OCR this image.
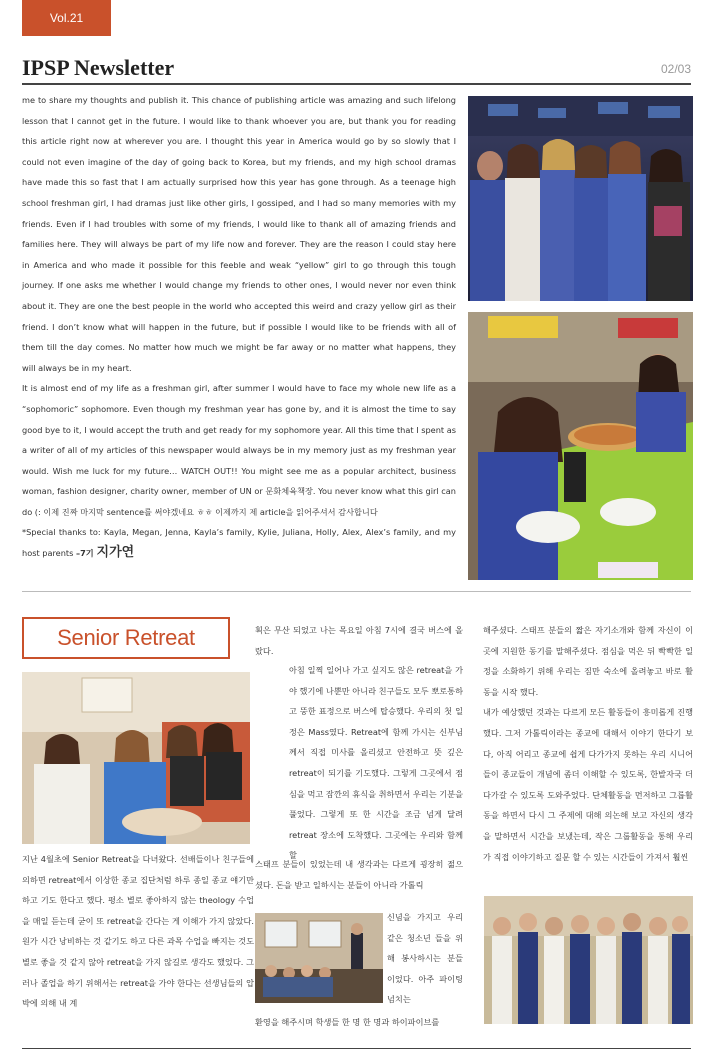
Vol.21
IPSP Newsletter	02/03

me to share my thoughts and publish it. This chance of publishing article was amazing and such lifelong lesson that I cannot get in the future. I would like to thank whoever you are, but thank you for reading this article right now at wherever you are. I thought this year in America would go by so slowly that I could not even imagine of the day of going back to Korea, but my friends, and my high school dramas have made this so fast that I am actually surprised how this year has gone through. As a teenage high school freshman girl, I had dramas just like other girls, I gossiped, and I had so many memories with my friends. Even if I had troubles with some of my friends, I would like to thank all of amazing friends and families here. They will always be part of my life now and forever. They are the reason I could stay here in America and who made it possible for this feeble and weak “yellow” girl to go through this tough journey. If one asks me whether I would change my friends to other ones, I would never nor even think about it. They are one the best people in the world who accepted this weird and crazy yellow girl as their friend. I don’t know what will happen in the future, but if possible I would like to be friends with all of them till the day comes. No matter how much we might be far away or no matter what happens, they will always be in my heart.

It is almost end of my life as a freshman girl, after summer I would have to face my whole new life as a “sophomoric” sophomore. Even though my freshman year has gone by, and it is almost the time to say good bye to it, I would accept the truth and get ready for my sophomore year. All this time that I spent as a writer of all of my articles of this newspaper would always be in my memory just as my freshman year would. Wish me luck for my future… WATCH OUT!! You might see me as a popular architect, business woman, fashion designer, charity owner, member of UN or 문화체육책장. You never know what this girl can do (: 이제 진짜 마지막 sentence를 써야겠네요 ㅎㅎ 이제까지 제 article을 읽어주셔서 감사합니다

*Special thanks to: Kayla, Megan, Jenna, Kayla’s family, Kylie, Juliana, Holly, Alex, Alex’s family, and my host parents –7기 지가연

Senior Retreat

지난 4월초에 Senior Retreat을 다녀왔다. 선배들이나 친구들에 의하면 retreat에서 이상한 종교 집단처럼 하루 종일 종교 얘기만하고 기도 한다고 했다. 평소 별로 좋아하지 않는 theology 수업을 매일 듣는데 굳이 또 retreat을 간다는 게 이해가 가지 않았다. 원가 시간 낭비하는 것 같기도 하고 다른 과목 수업을 빠지는 것도 별로 좋을 것 같지 않아 retreat을 가지 않길로 생각도 했었다. 그러나 졸업을 하기 위해서는 retreat을 가야 한다는 선생님들의 압박에 의해 내 계

획은 무산 되었고 나는 목요일 아침 7시에 결국 버스에 올랐다.

아침 일찍 일어나 가고 싶지도 않은 retreat을 가야 했기에 나뿐만 아니라 친구들도 모두 뽀로통하고 뚱한 표정으로 버스에 탑승했다. 우리의 첫 일정은 Mass였다. Retreat에 함께 가시는 신부님께서 직접 미사를 올리셨고 안전하고 뜻 깊은 retreat이 되기를 기도했다. 그렇게 그곳에서 점심을 먹고 잠깐의 휴식을 취하면서 우리는 기분을 풀었다. 그렇게 또 한 시간을 조금 넘게 달려 retreat 장소에 도착했다. 그곳에는 우리와 함께 할

스태프 분들이 있었는데 내 생각과는 다르게 굉장히 젊으셨다. 돈을 받고 일하시는 분들이 아니라 가톨릭

신념을 가지고 우리 같은 청소년 들을 위해 봉사하시는 분들이었다. 아주 파이팅 넘치는

환영을 해주시며 학생들 한 명 한 명과 하이파이브를

해주셨다. 스태프 분들의 짧은 자기소개와 함께 자신이 이곳에 지원한 동기를 말해주셨다. 점심을 먹은 뒤 빡빡한 일정을 소화하기 위해 우리는 짐만 숙소에 올려놓고 바로 활동을 시작 했다.

내가 예상했던 것과는 다르게 모든 활동들이 흥미롭게 진행했다. 그저 가톨릭이라는 종교에 대해서 이야기 한다기 보다, 아직 어리고 종교에 쉽게 다가가지 못하는 우리 시니어들이 종교들이 개념에 좀더 이해할 수 있도록, 한발자국 더 다가갈 수 있도록 도와주었다. 단체활동을 먼저하고 그룹활동을 하면서 다시 그 주제에 대해 의논해 보고 자신의 생각을 말하면서 시간을 보냈는데, 작은 그룹활동을 통해 우리가 직접 이야기하고 질문 할 수 있는 시간들이 가져서 훨씬
